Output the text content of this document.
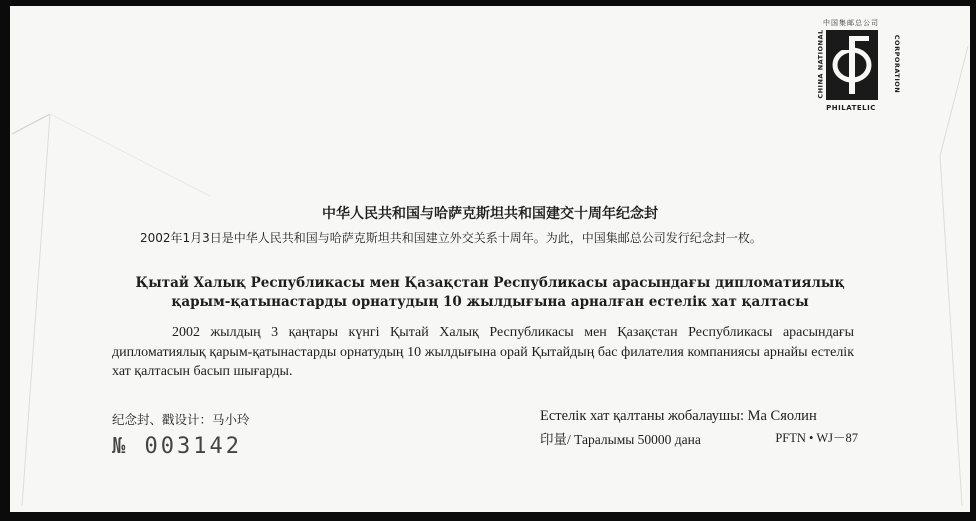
中国集邮总公司
CHINA NATIONAL	CORPORATION
PHILATELIC
中华人民共和国与哈萨克斯坦共和国建交十周年纪念封
2002年1月3日是中华人民共和国与哈萨克斯坦共和国建立外交关系十周年。为此，中国集邮总公司发行纪念封一枚。
Қытай Халық Республикасы мен Қазақстан Республикасы арасындағы дипломатиялық
қарым-қатынастарды орнатудың 10 жылдығына арналған естелік хат қалтасы
2002 жылдың 3 қаңтары күнгі Қытай Халық Республикасы мен Қазақстан Республикасы арасындағы дипломатиялық қарым-қатынастарды орнатудың 10 жылдығына орай Қытайдың бас филателия компаниясы арнайы естелік хат қалтасын басып шығарды.
纪念封、戳设计：马小玲
№ 003142
Естелік хат қалтаны жобалаушы: Ма Сяолин
印量/ Таралымы 50000 дана	PFTN • WJ－87
